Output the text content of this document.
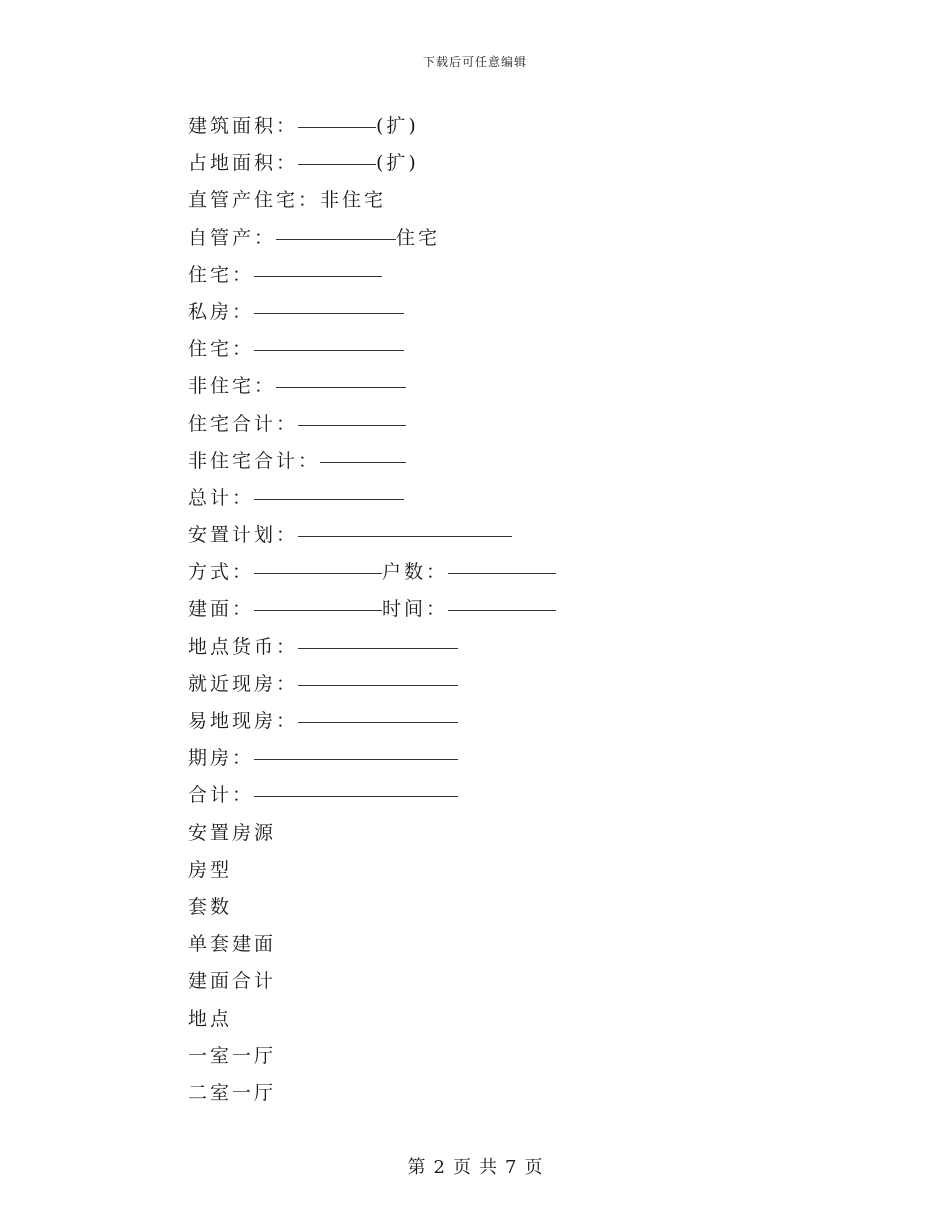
下载后可任意编辑
建筑面积：	(扩)
占地面积：	(扩)
直管产住宅：非住宅
自管产：	住宅
住宅：
私房：
住宅：
非住宅：
住宅合计：
非住宅合计：
总计：
安置计划：
方式：	户数：
建面：	时间：
地点货币：
就近现房：
易地现房：
期房：
合计：
安置房源
房型
套数
单套建面
建面合计
地点
一室一厅
二室一厅
第 2 页 共 7 页
